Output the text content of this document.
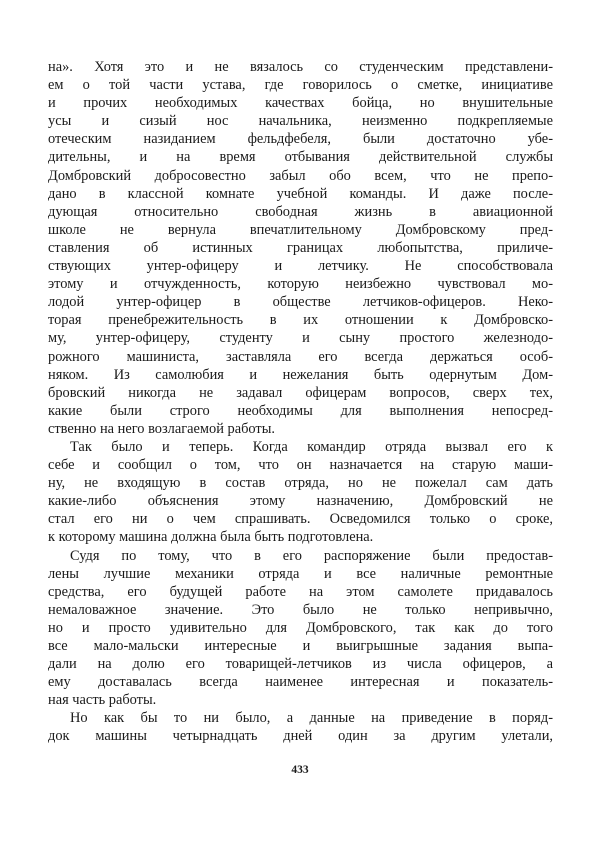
на». Хотя это и не вязалось со студенческим представлени-
ем о той части устава, где говорилось о сметке, инициативе
и прочих необходимых качествах бойца, но внушительные
усы и сизый нос начальника, неизменно подкрепляемые
отеческим назиданием фельдфебеля, были достаточно убе-
дительны, и на время отбывания действительной службы
Домбровский добросовестно забыл обо всем, что не препо-
дано в классной комнате учебной команды. И даже после-
дующая относительно свободная жизнь в авиационной
школе не вернула впечатлительному Домбровскому пред-
ставления об истинных границах любопытства, приличе-
ствующих унтер-офицеру и летчику. Не способствовала
этому и отчужденность, которую неизбежно чувствовал мо-
лодой унтер-офицер в обществе летчиков-офицеров. Неко-
торая пренебрежительность в их отношении к Домбровско-
му, унтер-офицеру, студенту и сыну простого железнодо-
рожного машиниста, заставляла его всегда держаться особ-
няком. Из самолюбия и нежелания быть одернутым Дом-
бровский никогда не задавал офицерам вопросов, сверх тех,
какие были строго необходимы для выполнения непосред-
ственно на него возлагаемой работы.
Так было и теперь. Когда командир отряда вызвал его к
себе и сообщил о том, что он назначается на старую маши-
ну, не входящую в состав отряда, но не пожелал сам дать
какие-либо объяснения этому назначению, Домбровский не
стал его ни о чем спрашивать. Осведомился только о сроке,
к которому машина должна была быть подготовлена.
Судя по тому, что в его распоряжение были предостав-
лены лучшие механики отряда и все наличные ремонтные
средства, его будущей работе на этом самолете придавалось
немаловажное значение. Это было не только непривычно,
но и просто удивительно для Домбровского, так как до того
все мало-мальски интересные и выигрышные задания выпа-
дали на долю его товарищей-летчиков из числа офицеров, а
ему доставалась всегда наименее интересная и показатель-
ная часть работы.
Но как бы то ни было, а данные на приведение в поряд-
док машины четырнадцать дней один за другим улетали,
433
